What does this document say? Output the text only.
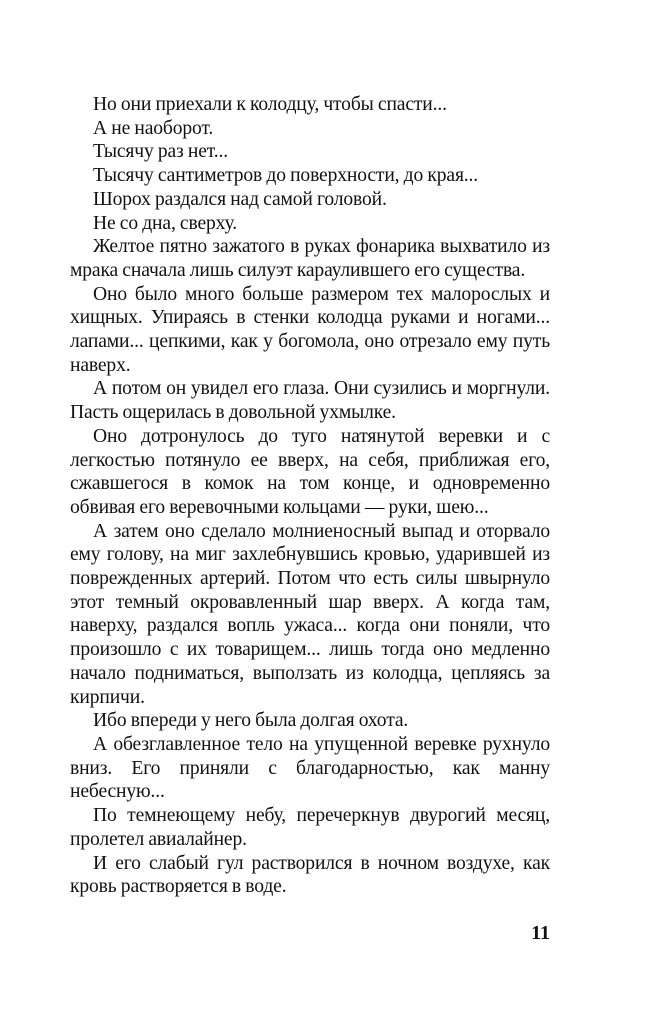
Но они приехали к колодцу, чтобы спасти...

А не наоборот.

Тысячу раз нет...

Тысячу сантиметров до поверхности, до края...

Шорох раздался над самой головой.

Не со дна, сверху.

Желтое пятно зажатого в руках фонарика выхватило из мрака сначала лишь силуэт караулившего его существа.

Оно было много больше размером тех малорослых и хищных. Упираясь в стенки колодца руками и ногами... лапами... цепкими, как у богомола, оно отрезало ему путь наверх.

А потом он увидел его глаза. Они сузились и моргнули. Пасть ощерилась в довольной ухмылке.

Оно дотронулось до туго натянутой веревки и с легкостью потянуло ее вверх, на себя, приближая его, сжавшегося в комок на том конце, и одновременно обвивая его веревочными кольцами — руки, шею...

А затем оно сделало молниеносный выпад и оторвало ему голову, на миг захлебнувшись кровью, ударившей из поврежденных артерий. Потом что есть силы швырнуло этот темный окровавленный шар вверх. А когда там, наверху, раздался вопль ужаса... когда они поняли, что произошло с их товарищем... лишь тогда оно медленно начало подниматься, выползать из колодца, цепляясь за кирпичи.

Ибо впереди у него была долгая охота.

А обезглавленное тело на упущенной веревке рухнуло вниз. Его приняли с благодарностью, как манну небесную...

По темнеющему небу, перечеркнув двурогий месяц, пролетел авиалайнер.

И его слабый гул растворился в ночном воздухе, как кровь растворяется в воде.

11
